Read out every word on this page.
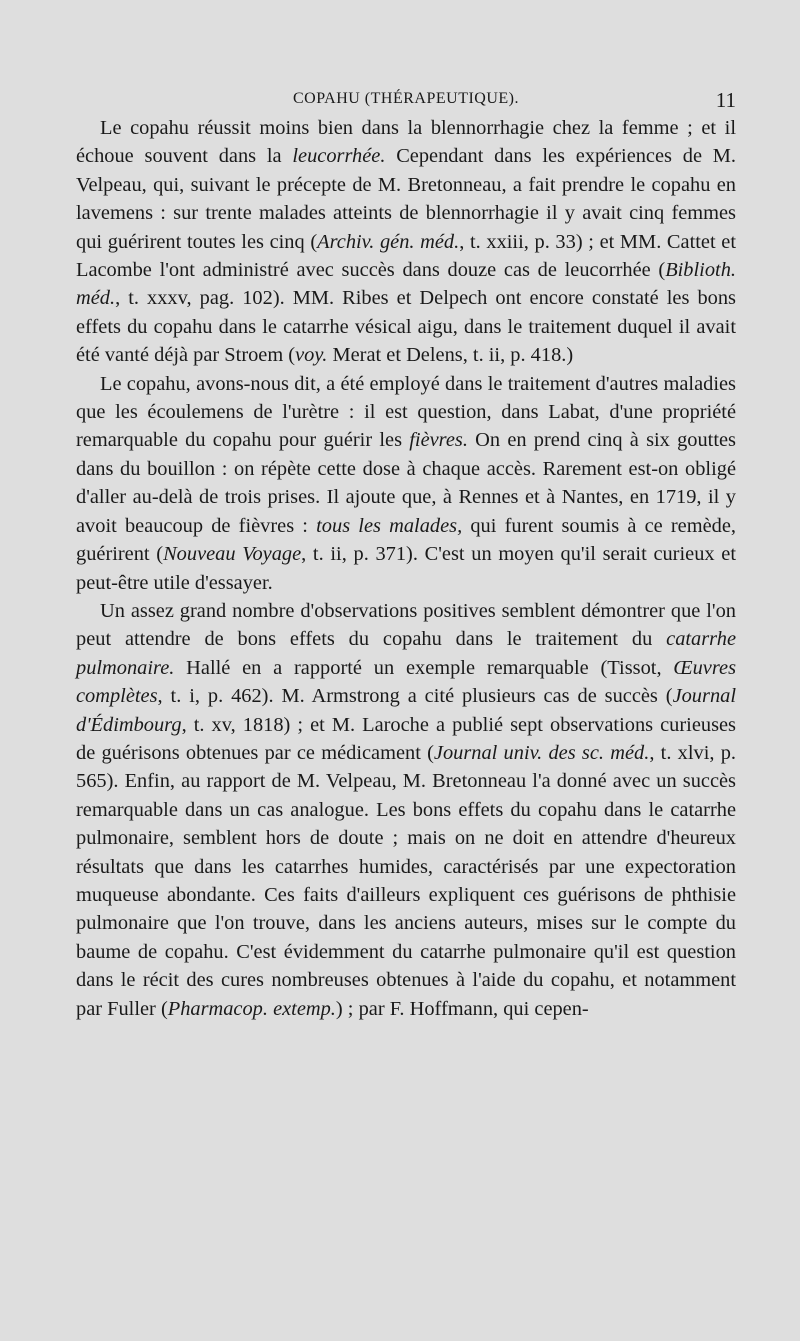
COPAHU (THÉRAPEUTIQUE).	11

Le copahu réussit moins bien dans la blennorrhagie chez la femme ; et il échoue souvent dans la leucorrhée. Cependant dans les expériences de M. Velpeau, qui, suivant le précepte de M. Bretonneau, a fait prendre le copahu en lavemens : sur trente malades atteints de blennorrhagie il y avait cinq femmes qui guérirent toutes les cinq (Archiv. gén. méd., t. xxiii, p. 33) ; et MM. Cattet et Lacombe l'ont administré avec succès dans douze cas de leucorrhée (Biblioth. méd., t. xxxv, pag. 102). MM. Ribes et Delpech ont encore constaté les bons effets du copahu dans le catarrhe vésical aigu, dans le traitement duquel il avait été vanté déjà par Stroem (voy. Merat et Delens, t. ii, p. 418.)

Le copahu, avons-nous dit, a été employé dans le traitement d'autres maladies que les écoulemens de l'urètre : il est question, dans Labat, d'une propriété remarquable du copahu pour guérir les fièvres. On en prend cinq à six gouttes dans du bouillon : on répète cette dose à chaque accès. Rarement est-on obligé d'aller au-delà de trois prises. Il ajoute que, à Rennes et à Nantes, en 1719, il y avoit beaucoup de fièvres : tous les malades, qui furent soumis à ce remède, guérirent (Nouveau Voyage, t. ii, p. 371). C'est un moyen qu'il serait curieux et peut-être utile d'essayer.

Un assez grand nombre d'observations positives semblent démontrer que l'on peut attendre de bons effets du copahu dans le traitement du catarrhe pulmonaire. Hallé en a rapporté un exemple remarquable (Tissot, Œuvres complètes, t. i, p. 462). M. Armstrong a cité plusieurs cas de succès (Journal d'Édimbourg, t. xv, 1818) ; et M. Laroche a publié sept observations curieuses de guérisons obtenues par ce médicament (Journal univ. des sc. méd., t. xlvi, p. 565). Enfin, au rapport de M. Velpeau, M. Bretonneau l'a donné avec un succès remarquable dans un cas analogue. Les bons effets du copahu dans le catarrhe pulmonaire, semblent hors de doute ; mais on ne doit en attendre d'heureux résultats que dans les catarrhes humides, caractérisés par une expectoration muqueuse abondante. Ces faits d'ailleurs expliquent ces guérisons de phthisie pulmonaire que l'on trouve, dans les anciens auteurs, mises sur le compte du baume de copahu. C'est évidemment du catarrhe pulmonaire qu'il est question dans le récit des cures nombreuses obtenues à l'aide du copahu, et notamment par Fuller (Pharmacop. extemp.) ; par F. Hoffmann, qui cepen-
